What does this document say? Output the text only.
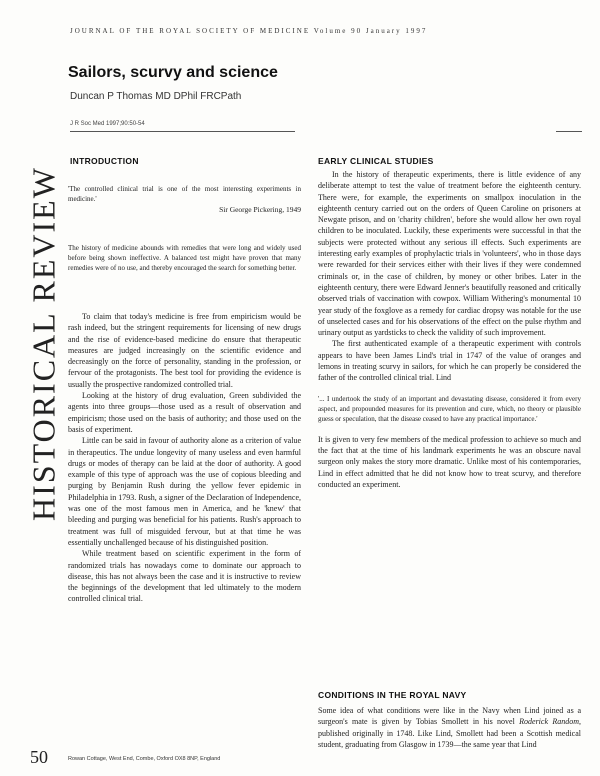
JOURNAL OF THE ROYAL SOCIETY OF MEDICINE Volume 90 January 1997
HISTORICAL REVIEW
Sailors, scurvy and science
Duncan P Thomas MD DPhil FRCPath
J R Soc Med 1997;90:50-54
INTRODUCTION

'The controlled clinical trial is one of the most interesting experiments in medicine.'

Sir George Pickering, 1949

The history of medicine abounds with remedies that were long and widely used before being shown ineffective. A balanced test might have proven that many remedies were of no use, and thereby encouraged the search for something better.

To claim that today's medicine is free from empiricism would be rash indeed, but the stringent requirements for licensing of new drugs and the rise of evidence-based medicine do ensure that therapeutic measures are judged increasingly on the scientific evidence and decreasingly on the force of personality, standing in the profession, or fervour of the protagonists. The best tool for providing the evidence is usually the prospective randomized controlled trial.

Looking at the history of drug evaluation, Green subdivided the agents into three groups—those used as a result of observation and empiricism; those used on the basis of authority; and those used on the basis of experiment.

Little can be said in favour of authority alone as a criterion of value in therapeutics. The undue longevity of many useless and even harmful drugs or modes of therapy can be laid at the door of authority. A good example of this type of approach was the use of copious bleeding and purging by Benjamin Rush during the yellow fever epidemic in Philadelphia in 1793. Rush, a signer of the Declaration of Independence, was one of the most famous men in America, and he 'knew' that bleeding and purging was beneficial for his patients. Rush's approach to treatment was full of misguided fervour, but at that time he was essentially unchallenged because of his distinguished position.

While treatment based on scientific experiment in the form of randomized trials has nowadays come to dominate our approach to disease, this has not always been the case and it is instructive to review the beginnings of the development that led ultimately to the modern controlled clinical trial.

EARLY CLINICAL STUDIES

In the history of therapeutic experiments, there is little evidence of any deliberate attempt to test the value of treatment before the eighteenth century. There were, for example, the experiments on smallpox inoculation in the eighteenth century carried out on the orders of Queen Caroline on prisoners at Newgate prison, and on 'charity children', before she would allow her own royal children to be inoculated. Luckily, these experiments were successful in that the subjects were protected without any serious ill effects. Such experiments are interesting early examples of prophylactic trials in 'volunteers', who in those days were rewarded for their services either with their lives if they were condemned criminals or, in the case of children, by money or other bribes. Later in the eighteenth century, there were Edward Jenner's beautifully reasoned and critically observed trials of vaccination with cowpox. William Withering's monumental 10 year study of the foxglove as a remedy for cardiac dropsy was notable for the use of unselected cases and for his observations of the effect on the pulse rhythm and urinary output as yardsticks to check the validity of such improvement.

The first authenticated example of a therapeutic experiment with controls appears to have been James Lind's trial in 1747 of the value of oranges and lemons in treating scurvy in sailors, for which he can properly be considered the father of the controlled clinical trial. Lind

'... I undertook the study of an important and devastating disease, considered it from every aspect, and propounded measures for its prevention and cure, which, no theory or plausible guess or speculation, that the disease ceased to have any practical importance.'

It is given to very few members of the medical profession to achieve so much and the fact that at the time of his landmark experiments he was an obscure naval surgeon only makes the story more dramatic. Unlike most of his contemporaries, Lind in effect admitted that he did not know how to treat scurvy, and therefore conducted an experiment.

CONDITIONS IN THE ROYAL NAVY

Some idea of what conditions were like in the Navy when Lind joined as a surgeon's mate is given by Tobias Smollett in his novel Roderick Random, published originally in 1748. Like Lind, Smollett had been a Scottish medical student, graduating from Glasgow in 1739—the same year that Lind

50	Rowan Cottage, West End, Combe, Oxford OX8 8NP, England
